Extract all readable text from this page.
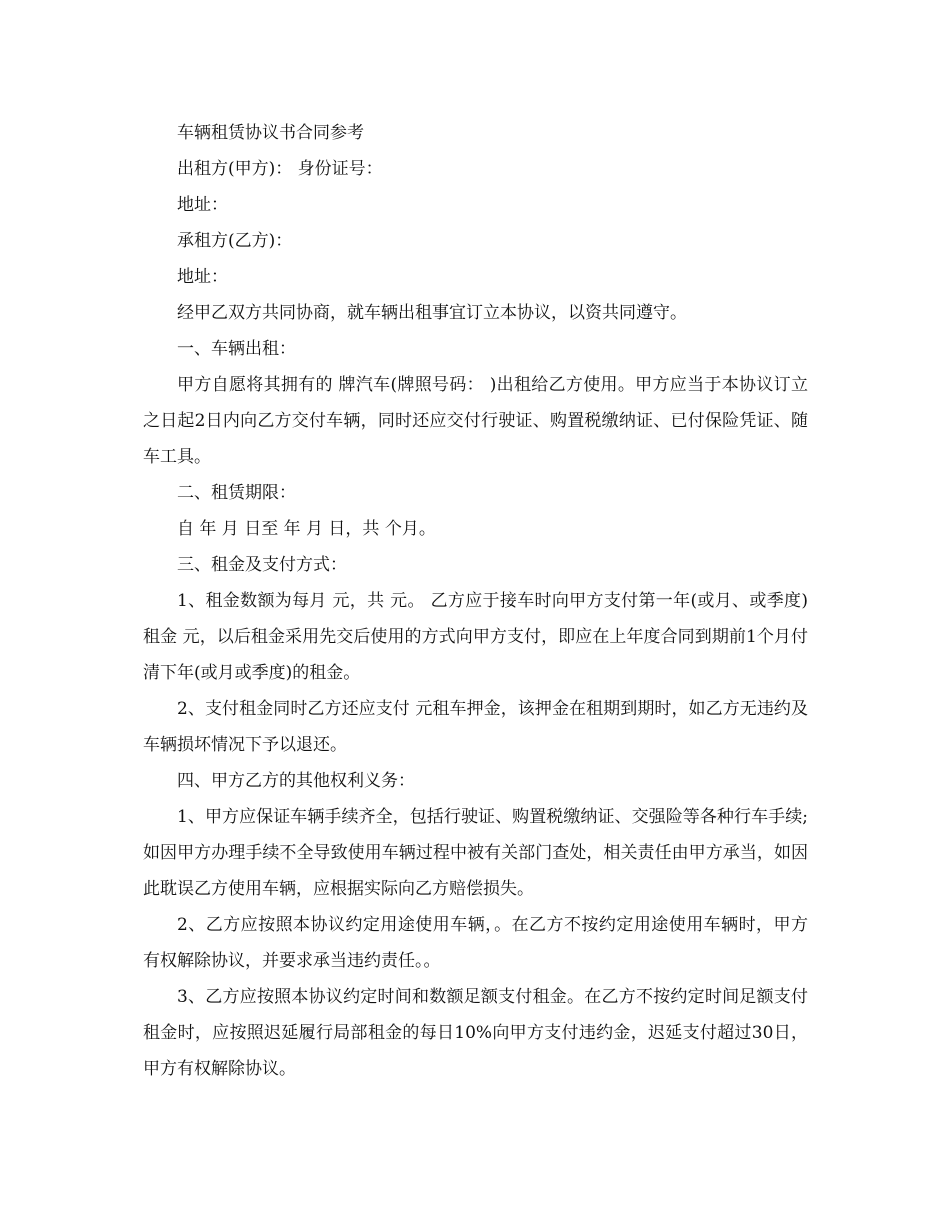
车辆租赁协议书合同参考

出租方(甲方)： 身份证号：

地址：

承租方(乙方)：

地址：

经甲乙双方共同协商，就车辆出租事宜订立本协议，以资共同遵守。

一、车辆出租：

甲方自愿将其拥有的 牌汽车(牌照号码： )出租给乙方使用。甲方应当于本协议订立之日起2日内向乙方交付车辆，同时还应交付行驶证、购置税缴纳证、已付保险凭证、随车工具。

二、租赁期限：

自 年 月 日至 年 月 日，共 个月。

三、租金及支付方式：

1、租金数额为每月 元，共 元。 乙方应于接车时向甲方支付第一年(或月、或季度)租金 元，以后租金采用先交后使用的方式向甲方支付，即应在上年度合同到期前1个月付清下年(或月或季度)的租金。

2、支付租金同时乙方还应支付 元租车押金，该押金在租期到期时，如乙方无违约及车辆损坏情况下予以退还。

四、甲方乙方的其他权利义务：

1、甲方应保证车辆手续齐全，包括行驶证、购置税缴纳证、交强险等各种行车手续;如因甲方办理手续不全导致使用车辆过程中被有关部门查处，相关责任由甲方承当，如因此耽误乙方使用车辆，应根据实际向乙方赔偿损失。

2、乙方应按照本协议约定用途使用车辆，。在乙方不按约定用途使用车辆时，甲方有权解除协议，并要求承当违约责任。。

3、乙方应按照本协议约定时间和数额足额支付租金。在乙方不按约定时间足额支付租金时，应按照迟延履行局部租金的每日10%向甲方支付违约金，迟延支付超过30日，甲方有权解除协议。
